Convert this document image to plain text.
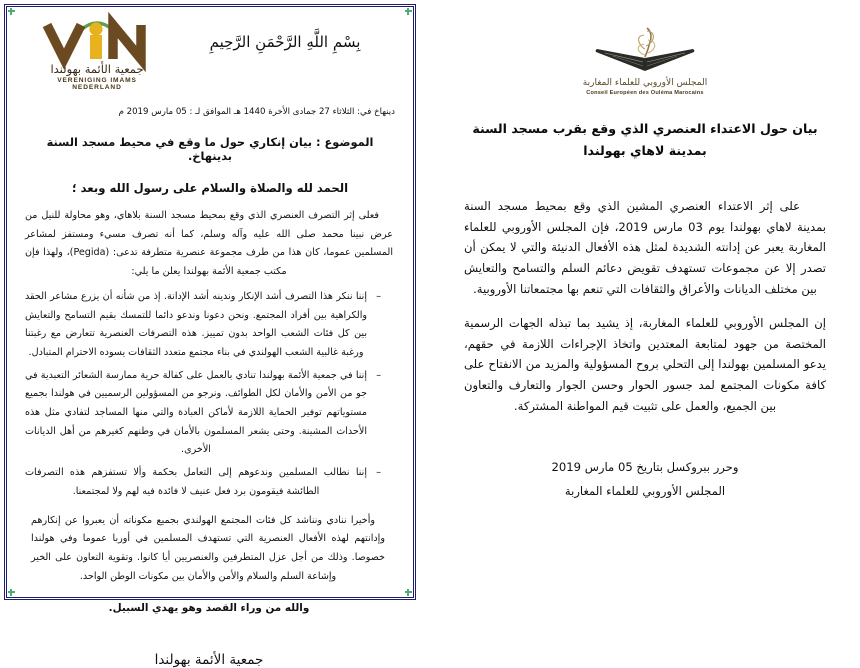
جمعية الأئمة بهولندا
VERENIGING IMAMS NEDERLAND
بِسْمِ اللَّهِ الرَّحْمَنِ الرَّحِيمِ
دينهاخ في: الثلاثاء 27 جمادى الأخرة 1440 هـ الموافق لـ : 05 مارس 2019 م
الموضوع : بيان إنكاري حول ما وقع في محيط مسجد السنة بدينهاخ.
الحمد لله والصلاة والسلام على رسول الله وبعد ؛

فعلى إثر التصرف العنصري الذي وقع بمحيط مسجد السنة بلاهاي، وهو محاولة للنيل من عرض نبينا محمد صلى الله عليه وآله وسلم، كما أنه تصرف مسيء ومستفز لمشاعر المسلمين عموما، كان هذا من طرف مجموعة عنصرية متطرفة تدعى: (Pegida)، ولهذا فإن مكتب جمعية الأئمة بهولندا يعلن ما يلي:

– إننا ننكر هذا التصرف أشد الإنكار وندينه أشد الإدانة. إذ من شأنه أن يزرع مشاعر الحقد والكراهية بين أفراد المجتمع. ونحن دعونا وندعو دائما للتمسك بقيم التسامح والتعايش بين كل فئات الشعب الواحد بدون تمييز. هذه التصرفات العنصرية تتعارض مع رغبتنا ورغبة غالبية الشعب الهولندي في بناء مجتمع متعدد الثقافات يسوده الاحترام المتبادل.
– إننا في جمعية الأئمة بهولندا تنادي بالعمل على كفالة حرية ممارسة الشعائر التعبدية في جو من الأمن والأمان لكل الطوائف. ونرجو من المسؤولين الرسميين في هولندا بجميع مستوياتهم توفير الحماية اللازمة لأماكن العبادة والتي منها المساجد لتفادي مثل هذه الأحداث المشينة. وحتى يشعر المسلمون بالأمان في وطنهم كغيرهم من أهل الديانات الأخرى.
– إننا نطالب المسلمين وندعوهم إلى التعامل بحكمة وألا تستفزهم هذه التصرفات الطائشة فيقومون برد فعل عنيف لا فائدة فيه لهم ولا لمجتمعنا.

وأخيرا ننادي ونناشد كل فئات المجتمع الهولندي بجميع مكوناته أن يعبروا عن إنكارهم وإدانتهم لهذه الأفعال العنصرية التي تستهدف المسلمين في أوربا عموما وفي هولندا خصوصا. وذلك من أجل عزل المتطرفين والعنصريين أيا كانوا. وتقوية التعاون على الخير وإشاعة السلم والسلام والأمن والأمان بين مكونات الوطن الواحد.

والله من وراء القصد وهو يهدي السبيل.
جمعية الأئمة بهولندا
المجلس الأوروبي للعلماء المغاربة
Conseil Européen des Ouléma Marocains
بيان حول الاعتداء العنصري الذي وقع بقرب مسجد السنة
بمدينة لاهاي بهولندا

على إثر الاعتداء العنصري المشين الذي وقع بمحيط مسجد السنة بمدينة لاهاي بهولندا يوم 03 مارس 2019، فإن المجلس الأوروبي للعلماء المغاربة يعبر عن إدانته الشديدة لمثل هذه الأفعال الدنيئة والتي لا يمكن أن تصدر إلا عن مجموعات تستهدف تقويض دعائم السلم والتسامح والتعايش بين مختلف الديانات والأعراق والثقافات التي تنعم بها مجتمعاتنا الأوروبية.

إن المجلس الأوروبي للعلماء المغاربة، إذ يشيد بما تبذله الجهات الرسمية المختصة من جهود لمتابعة المعتدين واتخاذ الإجراءات اللازمة في حقهم، يدعو المسلمين بهولندا إلى التحلي بروح المسؤولية والمزيد من الانفتاح على كافة مكونات المجتمع لمد جسور الحوار وحسن الجوار والتعارف والتعاون بين الجميع، والعمل على تثبيت قيم المواطنة المشتركة.

وحرر ببروكسل بتاريخ 05 مارس 2019
المجلس الأوروبي للعلماء المغاربة
